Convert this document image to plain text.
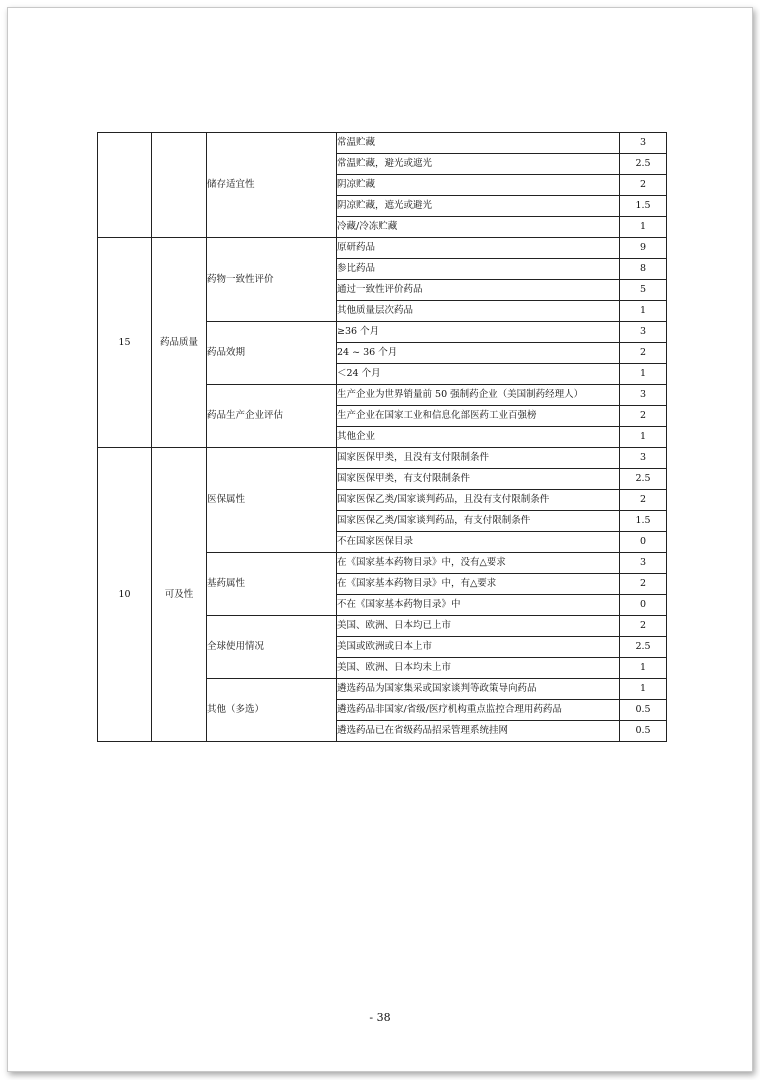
		储存适宜性	常温贮藏	3
			常温贮藏，避光或遮光	2.5
			阴凉贮藏	2
			阴凉贮藏，遮光或避光	1.5
			冷藏/冷冻贮藏	1
15	药品质量	药物一致性评价	原研药品	9
			参比药品	8
			通过一致性评价药品	5
			其他质量层次药品	1
		药品效期	≥36 个月	3
			24 ~ 36 个月	2
			＜24 个月	1
		药品生产企业评估	生产企业为世界销量前 50 强制药企业（美国制药经理人）	3
			生产企业在国家工业和信息化部医药工业百强榜	2
			其他企业	1
10	可及性	医保属性	国家医保甲类，且没有支付限制条件	3
			国家医保甲类，有支付限制条件	2.5
			国家医保乙类/国家谈判药品，且没有支付限制条件	2
			国家医保乙类/国家谈判药品，有支付限制条件	1.5
			不在国家医保目录	0
		基药属性	在《国家基本药物目录》中，没有△要求	3
			在《国家基本药物目录》中，有△要求	2
			不在《国家基本药物目录》中	0
		全球使用情况	美国、欧洲、日本均已上市	2
			美国或欧洲或日本上市	2.5
			美国、欧洲、日本均未上市	1
		其他（多选）	遴选药品为国家集采或国家谈判等政策导向药品	1
			遴选药品非国家/省级/医疗机构重点监控合理用药药品	0.5
			遴选药品已在省级药品招采管理系统挂网	0.5
- 38
